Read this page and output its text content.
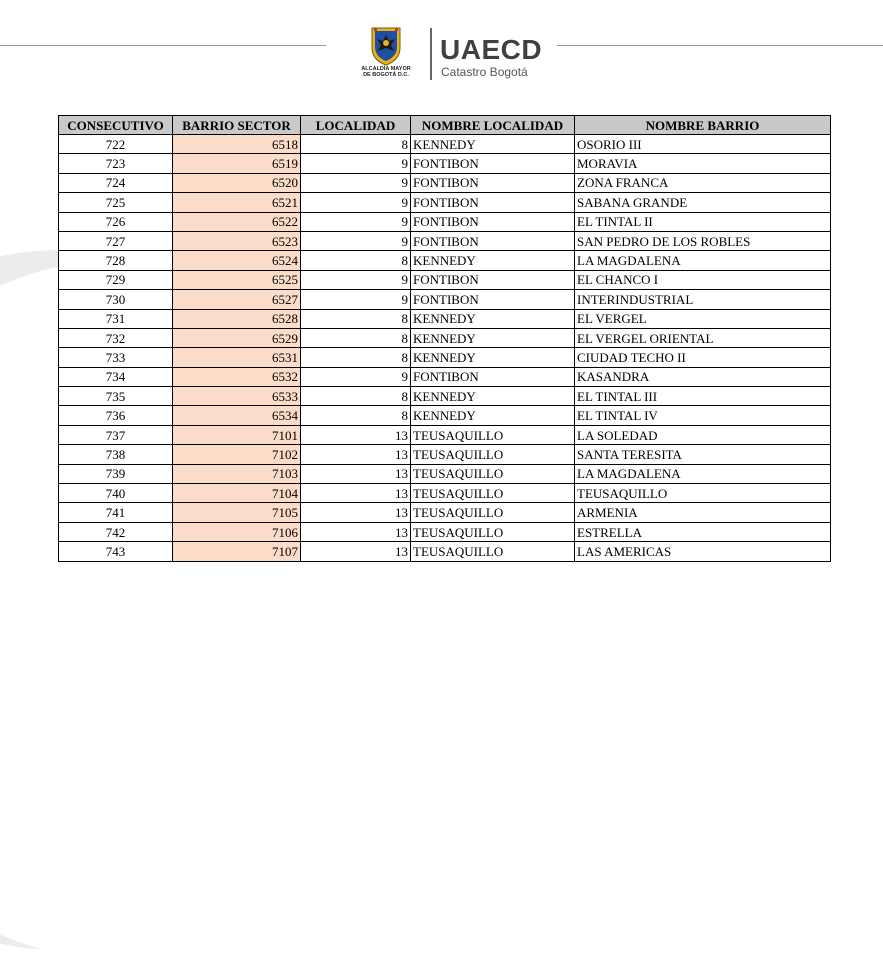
ALCALDÍA MAYOR
DE BOGOTÁ D.C.
UAECD
Catastro Bogotá
CONSECUTIVO	BARRIO SECTOR	LOCALIDAD	NOMBRE LOCALIDAD	NOMBRE BARRIO
722	6518	8	KENNEDY	OSORIO III
723	6519	9	FONTIBON	MORAVIA
724	6520	9	FONTIBON	ZONA FRANCA
725	6521	9	FONTIBON	SABANA GRANDE
726	6522	9	FONTIBON	EL TINTAL II
727	6523	9	FONTIBON	SAN PEDRO DE LOS ROBLES
728	6524	8	KENNEDY	LA MAGDALENA
729	6525	9	FONTIBON	EL CHANCO I
730	6527	9	FONTIBON	INTERINDUSTRIAL
731	6528	8	KENNEDY	EL VERGEL
732	6529	8	KENNEDY	EL VERGEL ORIENTAL
733	6531	8	KENNEDY	CIUDAD TECHO II
734	6532	9	FONTIBON	KASANDRA
735	6533	8	KENNEDY	EL TINTAL III
736	6534	8	KENNEDY	EL TINTAL IV
737	7101	13	TEUSAQUILLO	LA SOLEDAD
738	7102	13	TEUSAQUILLO	SANTA TERESITA
739	7103	13	TEUSAQUILLO	LA MAGDALENA
740	7104	13	TEUSAQUILLO	TEUSAQUILLO
741	7105	13	TEUSAQUILLO	ARMENIA
742	7106	13	TEUSAQUILLO	ESTRELLA
743	7107	13	TEUSAQUILLO	LAS AMERICAS
